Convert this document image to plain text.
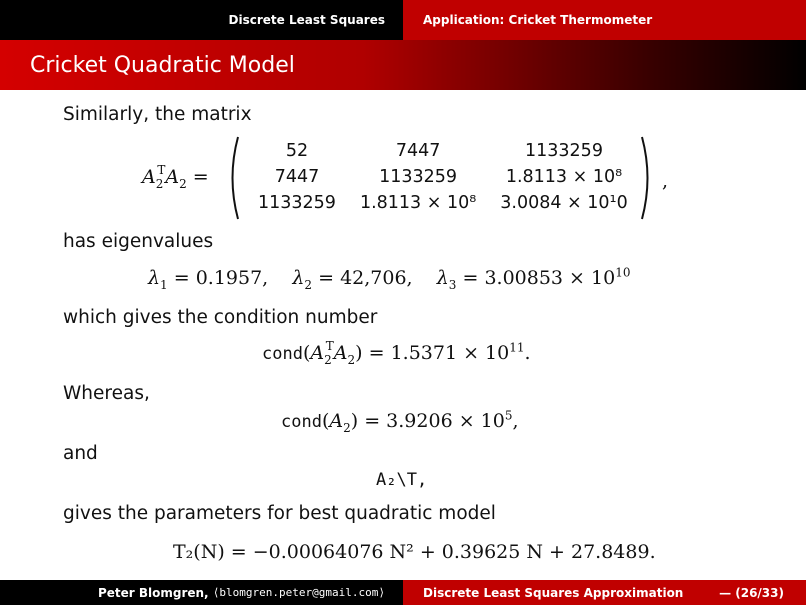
Discrete Least Squares	Application: Cricket Thermometer
Cricket Quadratic Model
Similarly, the matrix
$A_2^TA_2$ =
52	7447	1133259
7447	1133259	1.8113 × 10⁸
1133259	1.8113 × 10⁸	3.0084 × 10¹0
,
has eigenvalues
$\lambda_1 = 0.1957$,    $\lambda_2 = 42,706$,    $\lambda_3 = 3.00853 \times 10^{10}$
which gives the condition number
$cond(A_2^TA_2) = 1.5371 \times 10^{11}$.
Whereas,
$cond(A_2) = 3.9206 \times 10^5$,
and
A₂\T,
gives the parameters for best quadratic model
T₂(N) = −0.00064076 N² + 0.39625 N + 27.8489.
Peter Blomgren,
⟨blomgren.peter@gmail.com⟩	Discrete Least Squares Approximation	— (26/33)
